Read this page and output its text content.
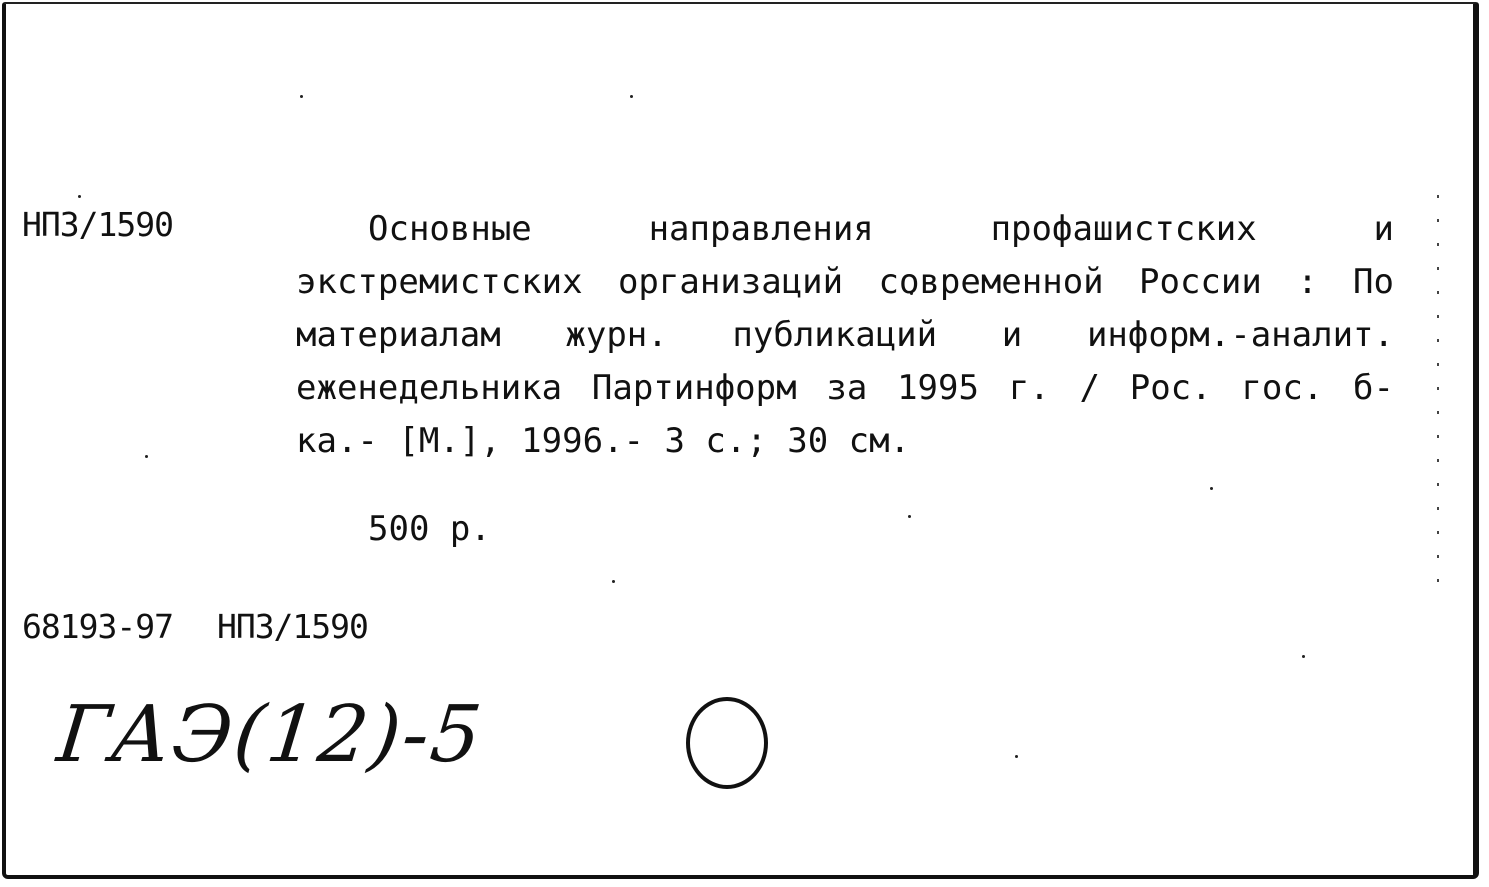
НПЗ/1590	Основные направления профашистских и экстремистских организаций современной России : По материалам журн. публикаций и информ.-аналит. еженедельника Партинформ за 1995 г. / Рос. гос. б-ка.- [М.], 1996.- 3 с.; 30 см.
500 р.
68193-97 НПЗ/1590
ГАЭ(12)-5
